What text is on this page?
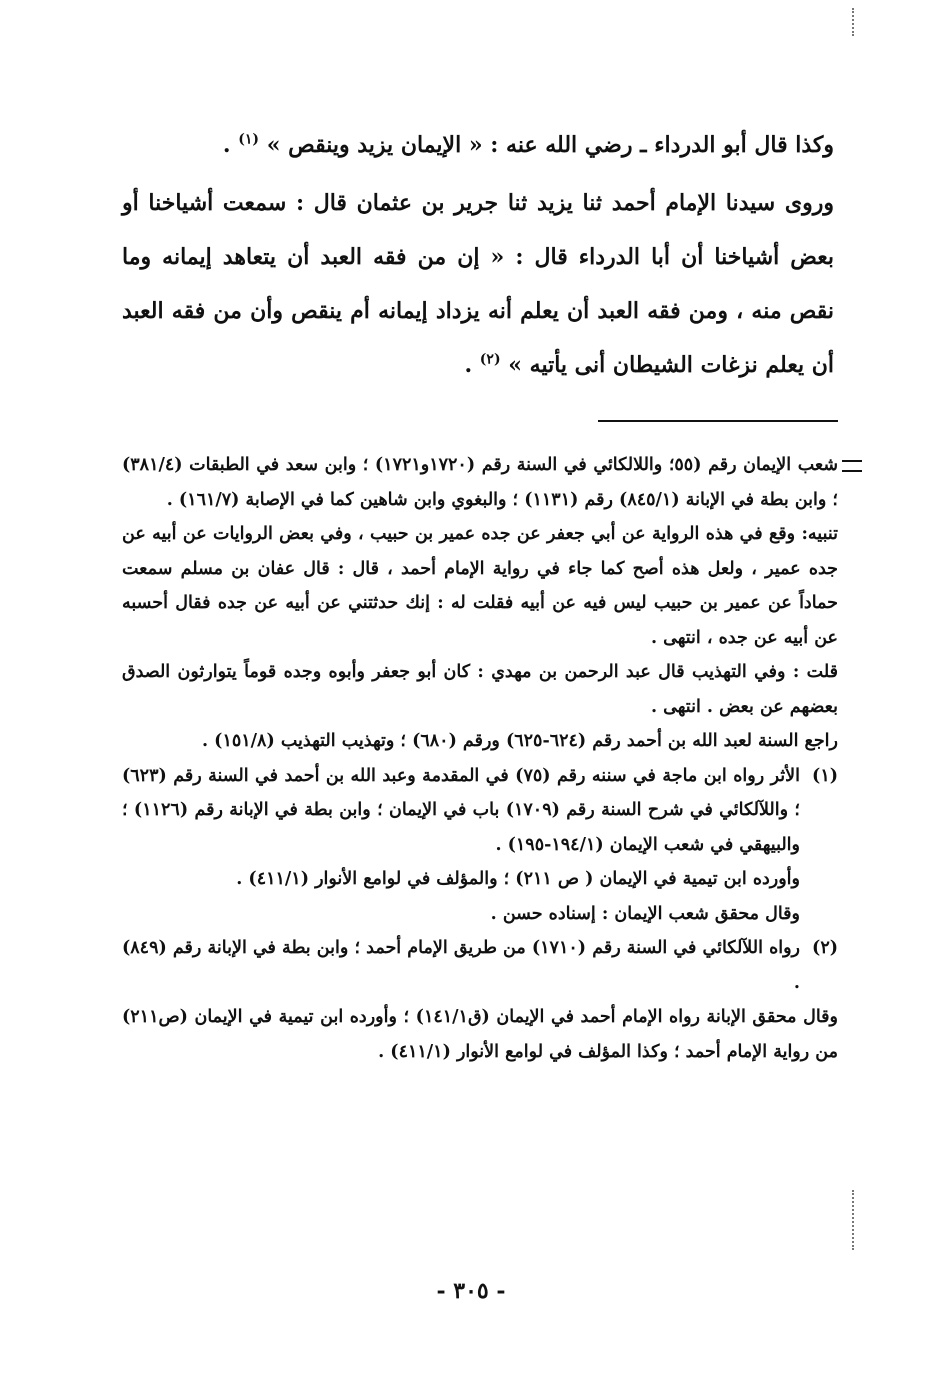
وكذا قال أبو الدرداء ـ رضي الله عنه : « الإيمان يزيد وينقص » $^{(١)}$ .

وروى سيدنا الإمام أحمد ثنا يزيد ثنا جرير بن عثمان قال : سمعت أشياخنا أو بعض أشياخنا أن أبا الدرداء قال : « إن من فقه العبد أن يتعاهد إيمانه وما نقص منه ، ومن فقه العبد أن يعلم أنه يزداد إيمانه أم ينقص وأن من فقه العبد أن يعلم نزغات الشيطان أنى يأتيه » $^{(٢)}$ .

شعب الإيمان رقم (٥٥؛ واللالكائي في السنة رقم (١٧٢٠و١٧٢١) ؛ وابن سعد في الطبقات (٣٨١/٤) ؛ وابن بطة في الإبانة (٨٤٥/١) رقم (١١٣١) ؛ والبغوي وابن شاهين كما في الإصابة (١٦١/٧) .

تنبيه: وقع في هذه الرواية عن أبي جعفر عن جده عمير بن حبيب ، وفي بعض الروايات عن أبيه عن جده عمير ، ولعل هذه أصح كما جاء في رواية الإمام أحمد ، قال : قال عفان بن مسلم سمعت حماداً عن عمير بن حبيب ليس فيه عن أبيه فقلت له : إنك حدثتني عن أبيه عن جده فقال أحسبه عن أبيه عن جده ، انتهى .

قلت : وفي التهذيب قال عبد الرحمن بن مهدي : كان أبو جعفر وأبوه وجده قوماً يتوارثون الصدق بعضهم عن بعض . انتهى .

راجع السنة لعبد الله بن أحمد رقم (٦٢٤-٦٢٥) ورقم (٦٨٠) ؛ وتهذيب التهذيب (١٥١/٨) .

(١)
الأثر رواه ابن ماجة في سننه رقم (٧٥) في المقدمة وعبد الله بن أحمد في السنة رقم (٦٢٣) ؛ واللآلكائي في شرح السنة رقم (١٧٠٩) باب في الإيمان ؛ وابن بطة في الإبانة رقم (١١٢٦) ؛ والبيهقي في شعب الإيمان (١٩٤/١-١٩٥) .

وأورده ابن تيمية في الإيمان ( ص ٢١١) ؛ والمؤلف في لوامع الأنوار (٤١١/١) .

وقال محقق شعب الإيمان : إسناده حسن .

(٢)
رواه اللآلكائي في السنة رقم (١٧١٠) من طريق الإمام أحمد ؛ وابن بطة في الإبانة رقم (٨٤٩) .

وقال محقق الإبانة رواه الإمام أحمد في الإيمان (ق١٤١/١) ؛ وأورده ابن تيمية في الإيمان (ص٢١١) من رواية الإمام أحمد ؛ وكذا المؤلف في لوامع الأنوار (٤١١/١) .

- ٣٠٥ -
